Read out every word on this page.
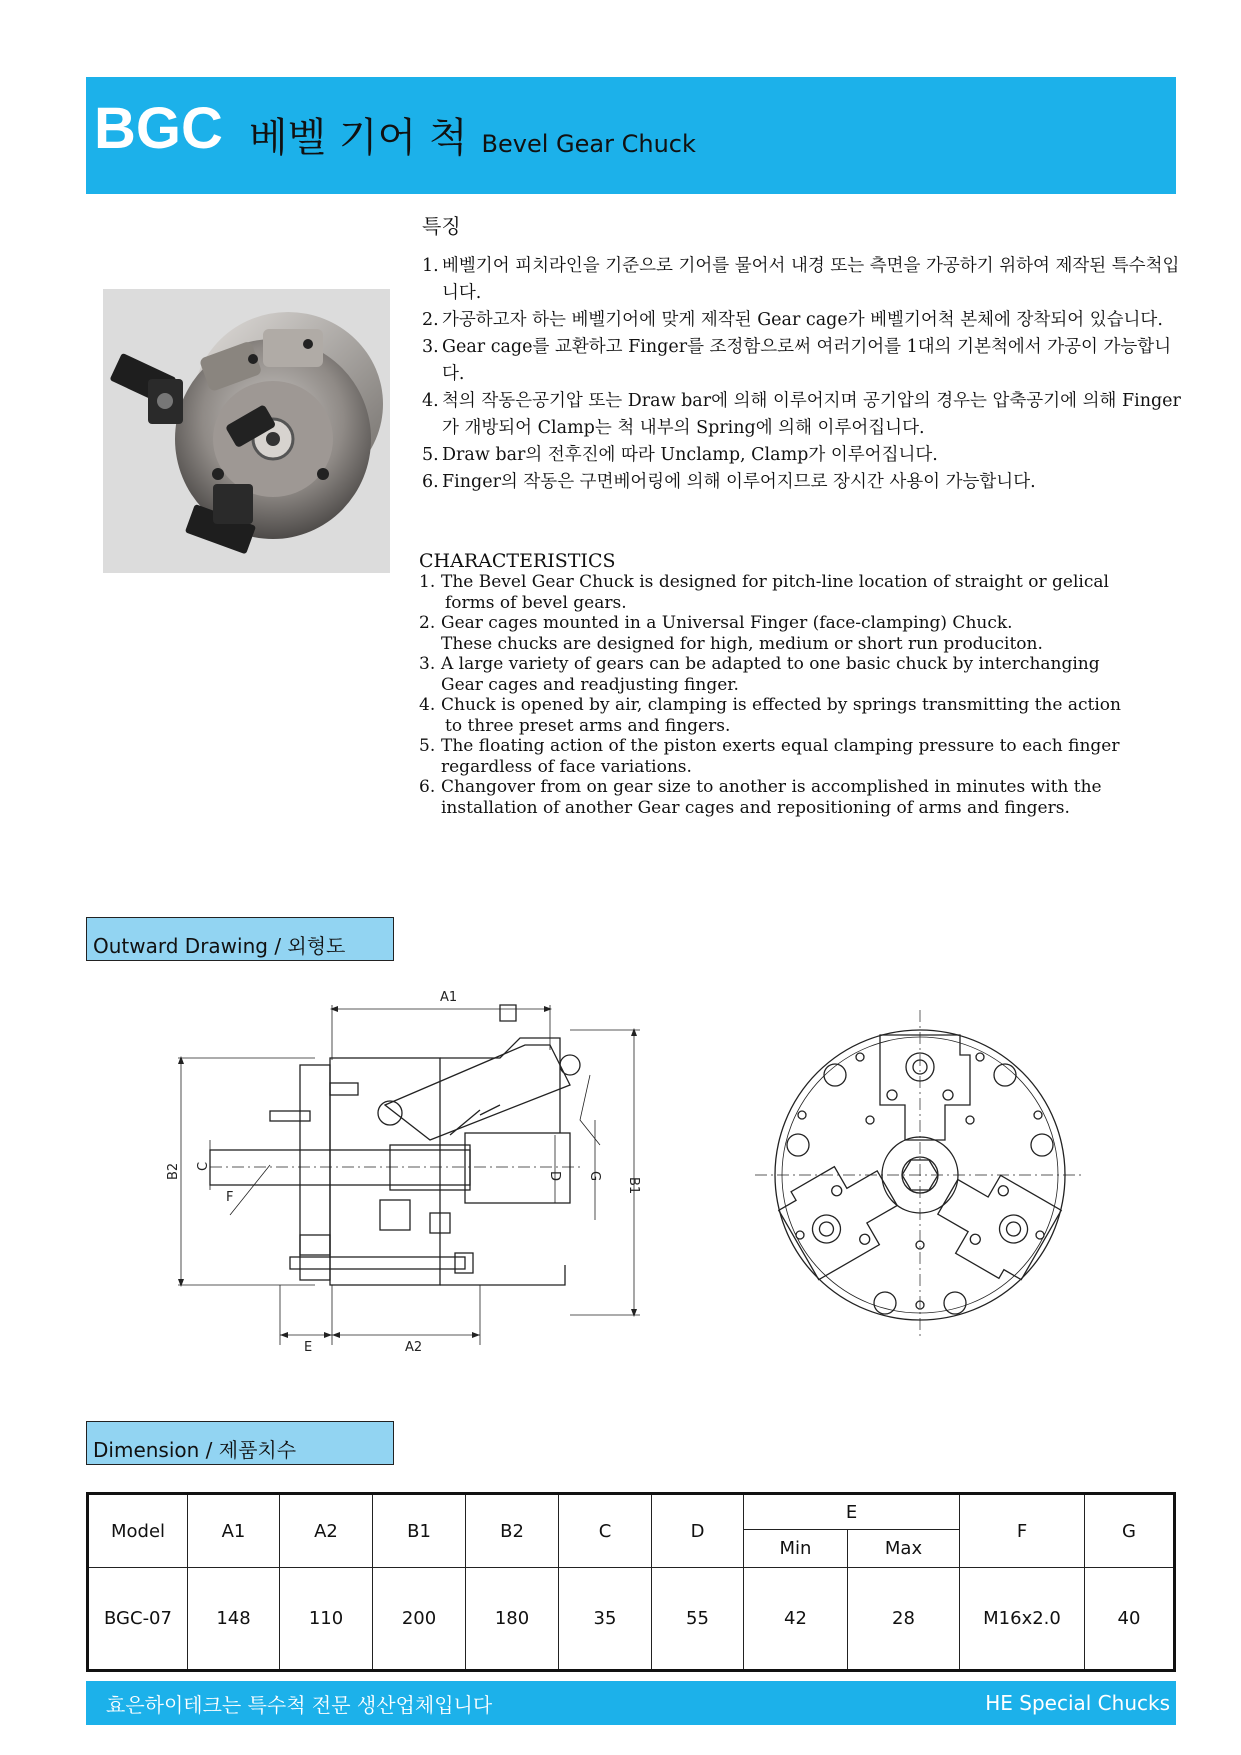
BGC 베벨 기어 척 Bevel Gear Chuck
특징
1. 베벨기어 피치라인을 기준으로 기어를 물어서 내경 또는 측면을 가공하기 위하여 제작된 특수척입니다.
2. 가공하고자 하는 베벨기어에 맞게 제작된 Gear cage가 베벨기어척 본체에 장착되어 있습니다.
3. Gear cage를 교환하고 Finger를 조정함으로써 여러기어를 1대의 기본척에서 가공이 가능합니다.
4. 척의 작동은공기압 또는 Draw bar에 의해 이루어지며 공기압의 경우는 압축공기에 의해 Finger가 개방되어 Clamp는 척 내부의 Spring에 의해 이루어집니다.
5. Draw bar의 전후진에 따라 Unclamp, Clamp가 이루어집니다.
6. Finger의 작동은 구면베어링에 의해 이루어지므로 장시간 사용이 가능합니다.
CHARACTERISTICS
1. The Bevel Gear Chuck is designed for pitch-line location of straight or gelical
forms of bevel gears.
2. Gear cages mounted in a Universal Finger (face-clamping) Chuck.
These chucks are designed for high, medium or short run produciton.
3. A large variety of gears can be adapted to one basic chuck by interchanging
Gear cages and readjusting finger.
4. Chuck is opened by air, clamping is effected by springs transmitting the action
to three preset arms and fingers.
5. The floating action of the piston exerts equal clamping pressure to each finger
regardless of face variations.
6. Changover from on gear size to another is accomplished in minutes with the
installation of another Gear cages and repositioning of arms and fingers.
Outward Drawing / 외형도
A1
A2
E
F
B2 C
D G
B1
Dimension / 제품치수
Model	A1	A2	B1	B2	C	D	E		F	G
							Min	Max		
BGC-07	148	110	200	180	35	55	42	28	M16x2.0	40
효은하이테크는 특수척 전문 생산업체입니다	HE Special Chucks
